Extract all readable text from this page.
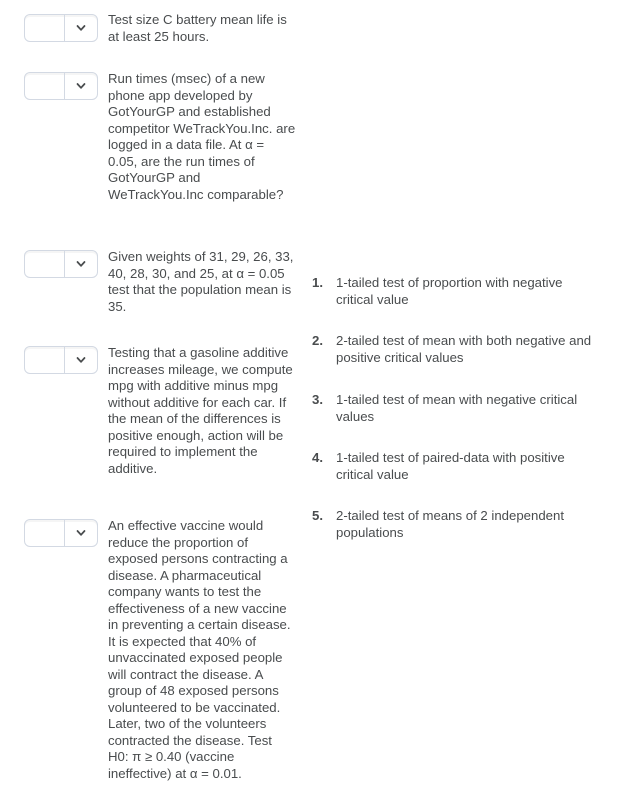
Test size C battery mean life is at least 25 hours.
Run times (msec) of a new phone app developed by GotYourGP and established competitor WeTrackYou.Inc. are logged in a data file. At α = 0.05, are the run times of GotYourGP and WeTrackYou.Inc comparable?
Given weights of 31, 29, 26, 33, 40, 28, 30, and 25, at α = 0.05 test that the population mean is 35.
Testing that a gasoline additive increases mileage, we compute mpg with additive minus mpg without additive for each car. If the mean of the differences is positive enough, action will be required to implement the additive.
An effective vaccine would reduce the proportion of exposed persons contracting a disease. A pharmaceutical company wants to test the effectiveness of a new vaccine in preventing a certain disease. It is expected that 40% of unvaccinated exposed people will contract the disease. A group of 48 exposed persons volunteered to be vaccinated. Later, two of the volunteers contracted the disease. Test H0: π ≥ 0.40 (vaccine ineffective) at α = 0.01.
1. 1-tailed test of proportion with negative critical value
2. 2-tailed test of mean with both negative and positive critical values
3. 1-tailed test of mean with negative critical values
4. 1-tailed test of paired-data with positive critical value
5. 2-tailed test of means of 2 independent populations
